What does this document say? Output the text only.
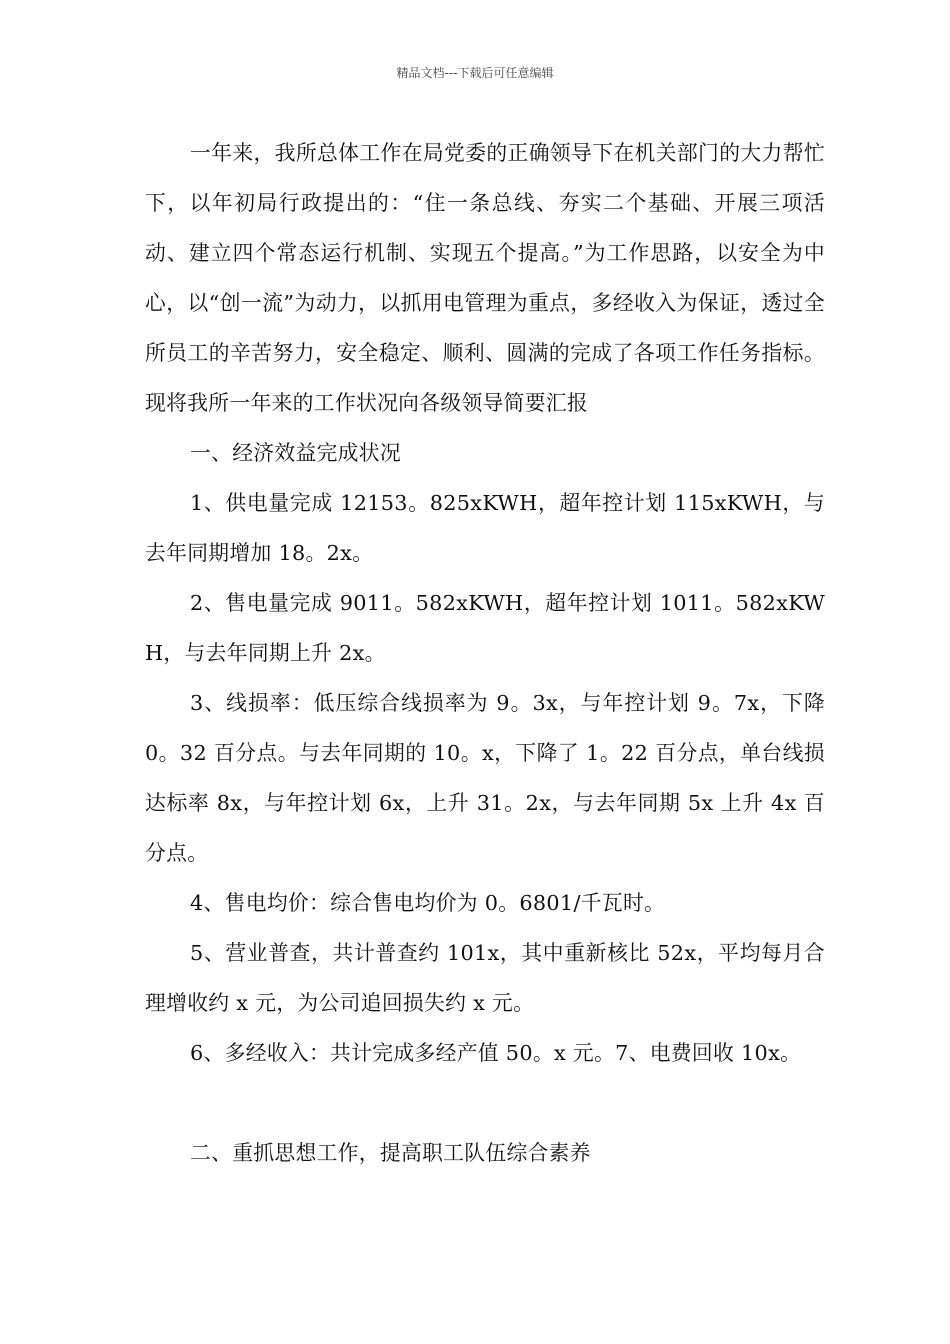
精品文档---下载后可任意编辑

一年来，我所总体工作在局党委的正确领导下在机关部门的大力帮忙下，以年初局行政提出的：“住一条总线、夯实二个基础、开展三项活动、建立四个常态运行机制、实现五个提高。”为工作思路，以安全为中心，以“创一流”为动力，以抓用电管理为重点，多经收入为保证，透过全所员工的辛苦努力，安全稳定、顺利、圆满的完成了各项工作任务指标。现将我所一年来的工作状况向各级领导简要汇报

一、经济效益完成状况

1、供电量完成 12153。825xKWH，超年控计划 115xKWH，与去年同期增加 18。2x。

2、售电量完成 9011。582xKWH，超年控计划 1011。582xKWH，与去年同期上升 2x。

3、线损率：低压综合线损率为 9。3x，与年控计划 9。7x，下降 0。32 百分点。与去年同期的 10。x，下降了 1。22 百分点，单台线损达标率 8x，与年控计划 6x，上升 31。2x，与去年同期 5x 上升 4x 百分点。

4、售电均价：综合售电均价为 0。6801/千瓦时。

5、营业普查，共计普查约 101x，其中重新核比 52x，平均每月合理增收约 x 元，为公司追回损失约 x 元。

6、多经收入：共计完成多经产值 50。x 元。7、电费回收 10x。

二、重抓思想工作，提高职工队伍综合素养
